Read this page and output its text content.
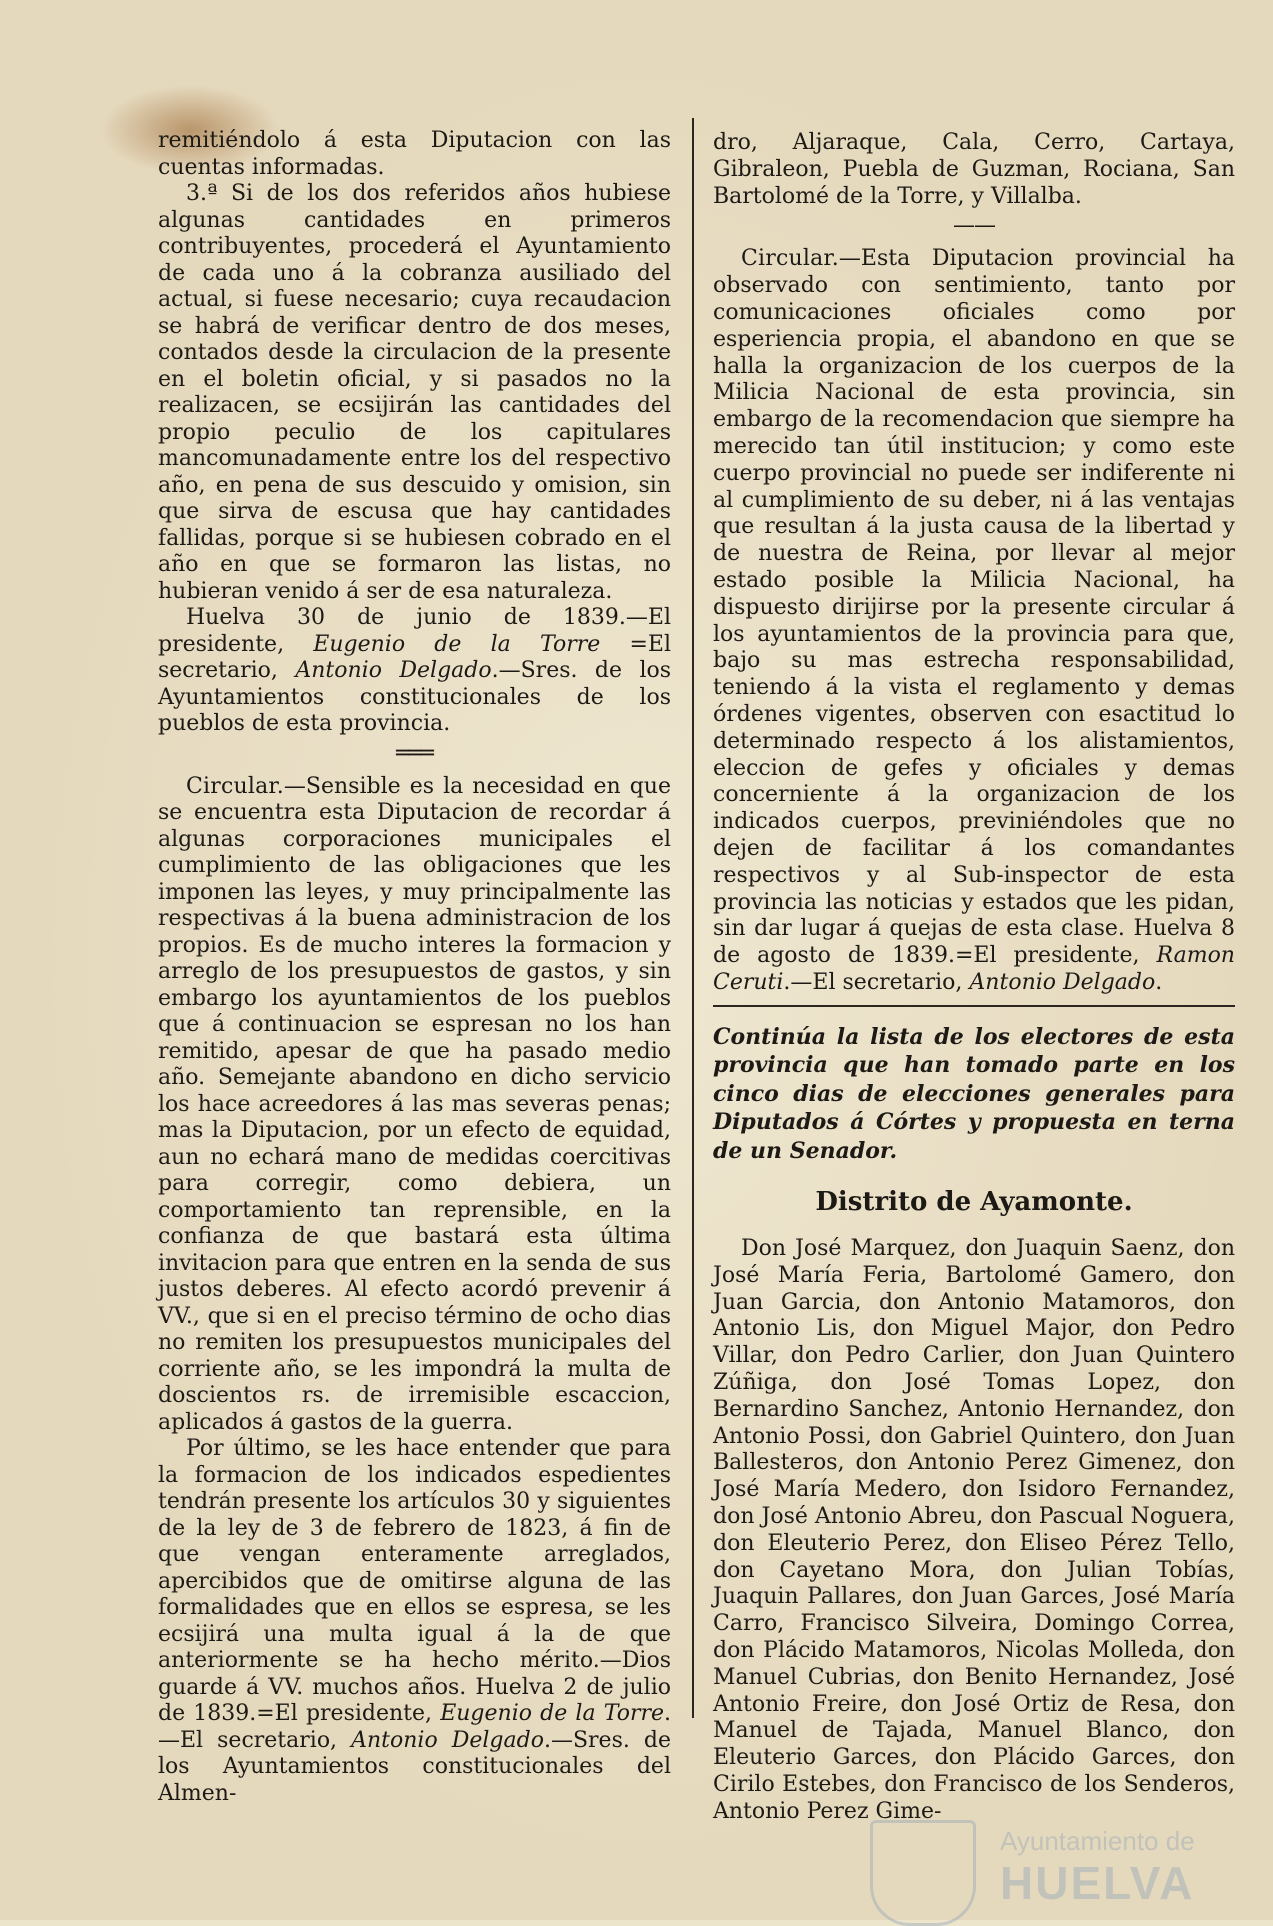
remitiéndolo á esta Diputacion con las cuentas informadas.

3.ª Si de los dos referidos años hubiese algunas cantidades en primeros contribuyentes, procederá el Ayuntamiento de cada uno á la cobranza ausiliado del actual, si fuese necesario; cuya recaudacion se habrá de verificar dentro de dos meses, contados desde la circulacion de la presente en el boletin oficial, y si pasados no la realizacen, se ecsijirán las cantidades del propio peculio de los capitulares mancomunadamente entre los del respectivo año, en pena de sus descuido y omision, sin que sirva de escusa que hay cantidades fallidas, porque si se hubiesen cobrado en el año en que se formaron las listas, no hubieran venido á ser de esa naturaleza.

Huelva 30 de junio de 1839.—El presidente, Eugenio de la Torre =El secretario, Antonio Delgado.—Sres. de los Ayuntamientos constitucionales de los pueblos de esta provincia.

═══

Circular.—Sensible es la necesidad en que se encuentra esta Diputacion de recordar á algunas corporaciones municipales el cumplimiento de las obligaciones que les imponen las leyes, y muy principalmente las respectivas á la buena administracion de los propios. Es de mucho interes la formacion y arreglo de los presupuestos de gastos, y sin embargo los ayuntamientos de los pueblos que á continuacion se espresan no los han remitido, apesar de que ha pasado medio año. Semejante abandono en dicho servicio los hace acreedores á las mas severas penas; mas la Diputacion, por un efecto de equidad, aun no echará mano de medidas coercitivas para corregir, como debiera, un comportamiento tan reprensible, en la confianza de que bastará esta última invitacion para que entren en la senda de sus justos deberes. Al efecto acordó prevenir á VV., que si en el preciso término de ocho dias no remiten los presupuestos municipales del corriente año, se les impondrá la multa de doscientos rs. de irremisible escaccion, aplicados á gastos de la guerra.

Por último, se les hace entender que para la formacion de los indicados espedientes tendrán presente los artículos 30 y siguientes de la ley de 3 de febrero de 1823, á fin de que vengan enteramente arreglados, apercibidos que de omitirse alguna de las formalidades que en ellos se espresa, se les ecsijirá una multa igual á la de que anteriormente se ha hecho mérito.—Dios guarde á VV. muchos años. Huelva 2 de julio de 1839.=El presidente, Eugenio de la Torre.—El secretario, Antonio Delgado.—Sres. de los Ayuntamientos constitucionales del Almen-

dro, Aljaraque, Cala, Cerro, Cartaya, Gibraleon, Puebla de Guzman, Rociana, San Bartolomé de la Torre, y Villalba.

——

Circular.—Esta Diputacion provincial ha observado con sentimiento, tanto por comunicaciones oficiales como por esperiencia propia, el abandono en que se halla la organizacion de los cuerpos de la Milicia Nacional de esta provincia, sin embargo de la recomendacion que siempre ha merecido tan útil institucion; y como este cuerpo provincial no puede ser indiferente ni al cumplimiento de su deber, ni á las ventajas que resultan á la justa causa de la libertad y de nuestra de Reina, por llevar al mejor estado posible la Milicia Nacional, ha dispuesto dirijirse por la presente circular á los ayuntamientos de la provincia para que, bajo su mas estrecha responsabilidad, teniendo á la vista el reglamento y demas órdenes vigentes, observen con esactitud lo determinado respecto á los alistamientos, eleccion de gefes y oficiales y demas concerniente á la organizacion de los indicados cuerpos, previniéndoles que no dejen de facilitar á los comandantes respectivos y al Sub-inspector de esta provincia las noticias y estados que les pidan, sin dar lugar á quejas de esta clase. Huelva 8 de agosto de 1839.=El presidente, Ramon Ceruti.—El secretario, Antonio Delgado.

Continúa la lista de los electores de esta provincia que han tomado parte en los cinco dias de elecciones generales para Diputados á Córtes y propuesta en terna de un Senador.

Distrito de Ayamonte.

Don José Marquez, don Juaquin Saenz, don José María Feria, Bartolomé Gamero, don Juan Garcia, don Antonio Matamoros, don Antonio Lis, don Miguel Major, don Pedro Villar, don Pedro Carlier, don Juan Quintero Zúñiga, don José Tomas Lopez, don Bernardino Sanchez, Antonio Hernandez, don Antonio Possi, don Gabriel Quintero, don Juan Ballesteros, don Antonio Perez Gimenez, don José María Medero, don Isidoro Fernandez, don José Antonio Abreu, don Pascual Noguera, don Eleuterio Perez, don Eliseo Pérez Tello, don Cayetano Mora, don Julian Tobías, Juaquin Pallares, don Juan Garces, José María Carro, Francisco Silveira, Domingo Correa, don Plácido Matamoros, Nicolas Molleda, don Manuel Cubrias, don Benito Hernandez, José Antonio Freire, don José Ortiz de Resa, don Manuel de Tajada, Manuel Blanco, don Eleuterio Garces, don Plácido Garces, don Cirilo Estebes, don Francisco de los Senderos, Antonio Perez Gime-

Ayuntamiento de
HUELVA
